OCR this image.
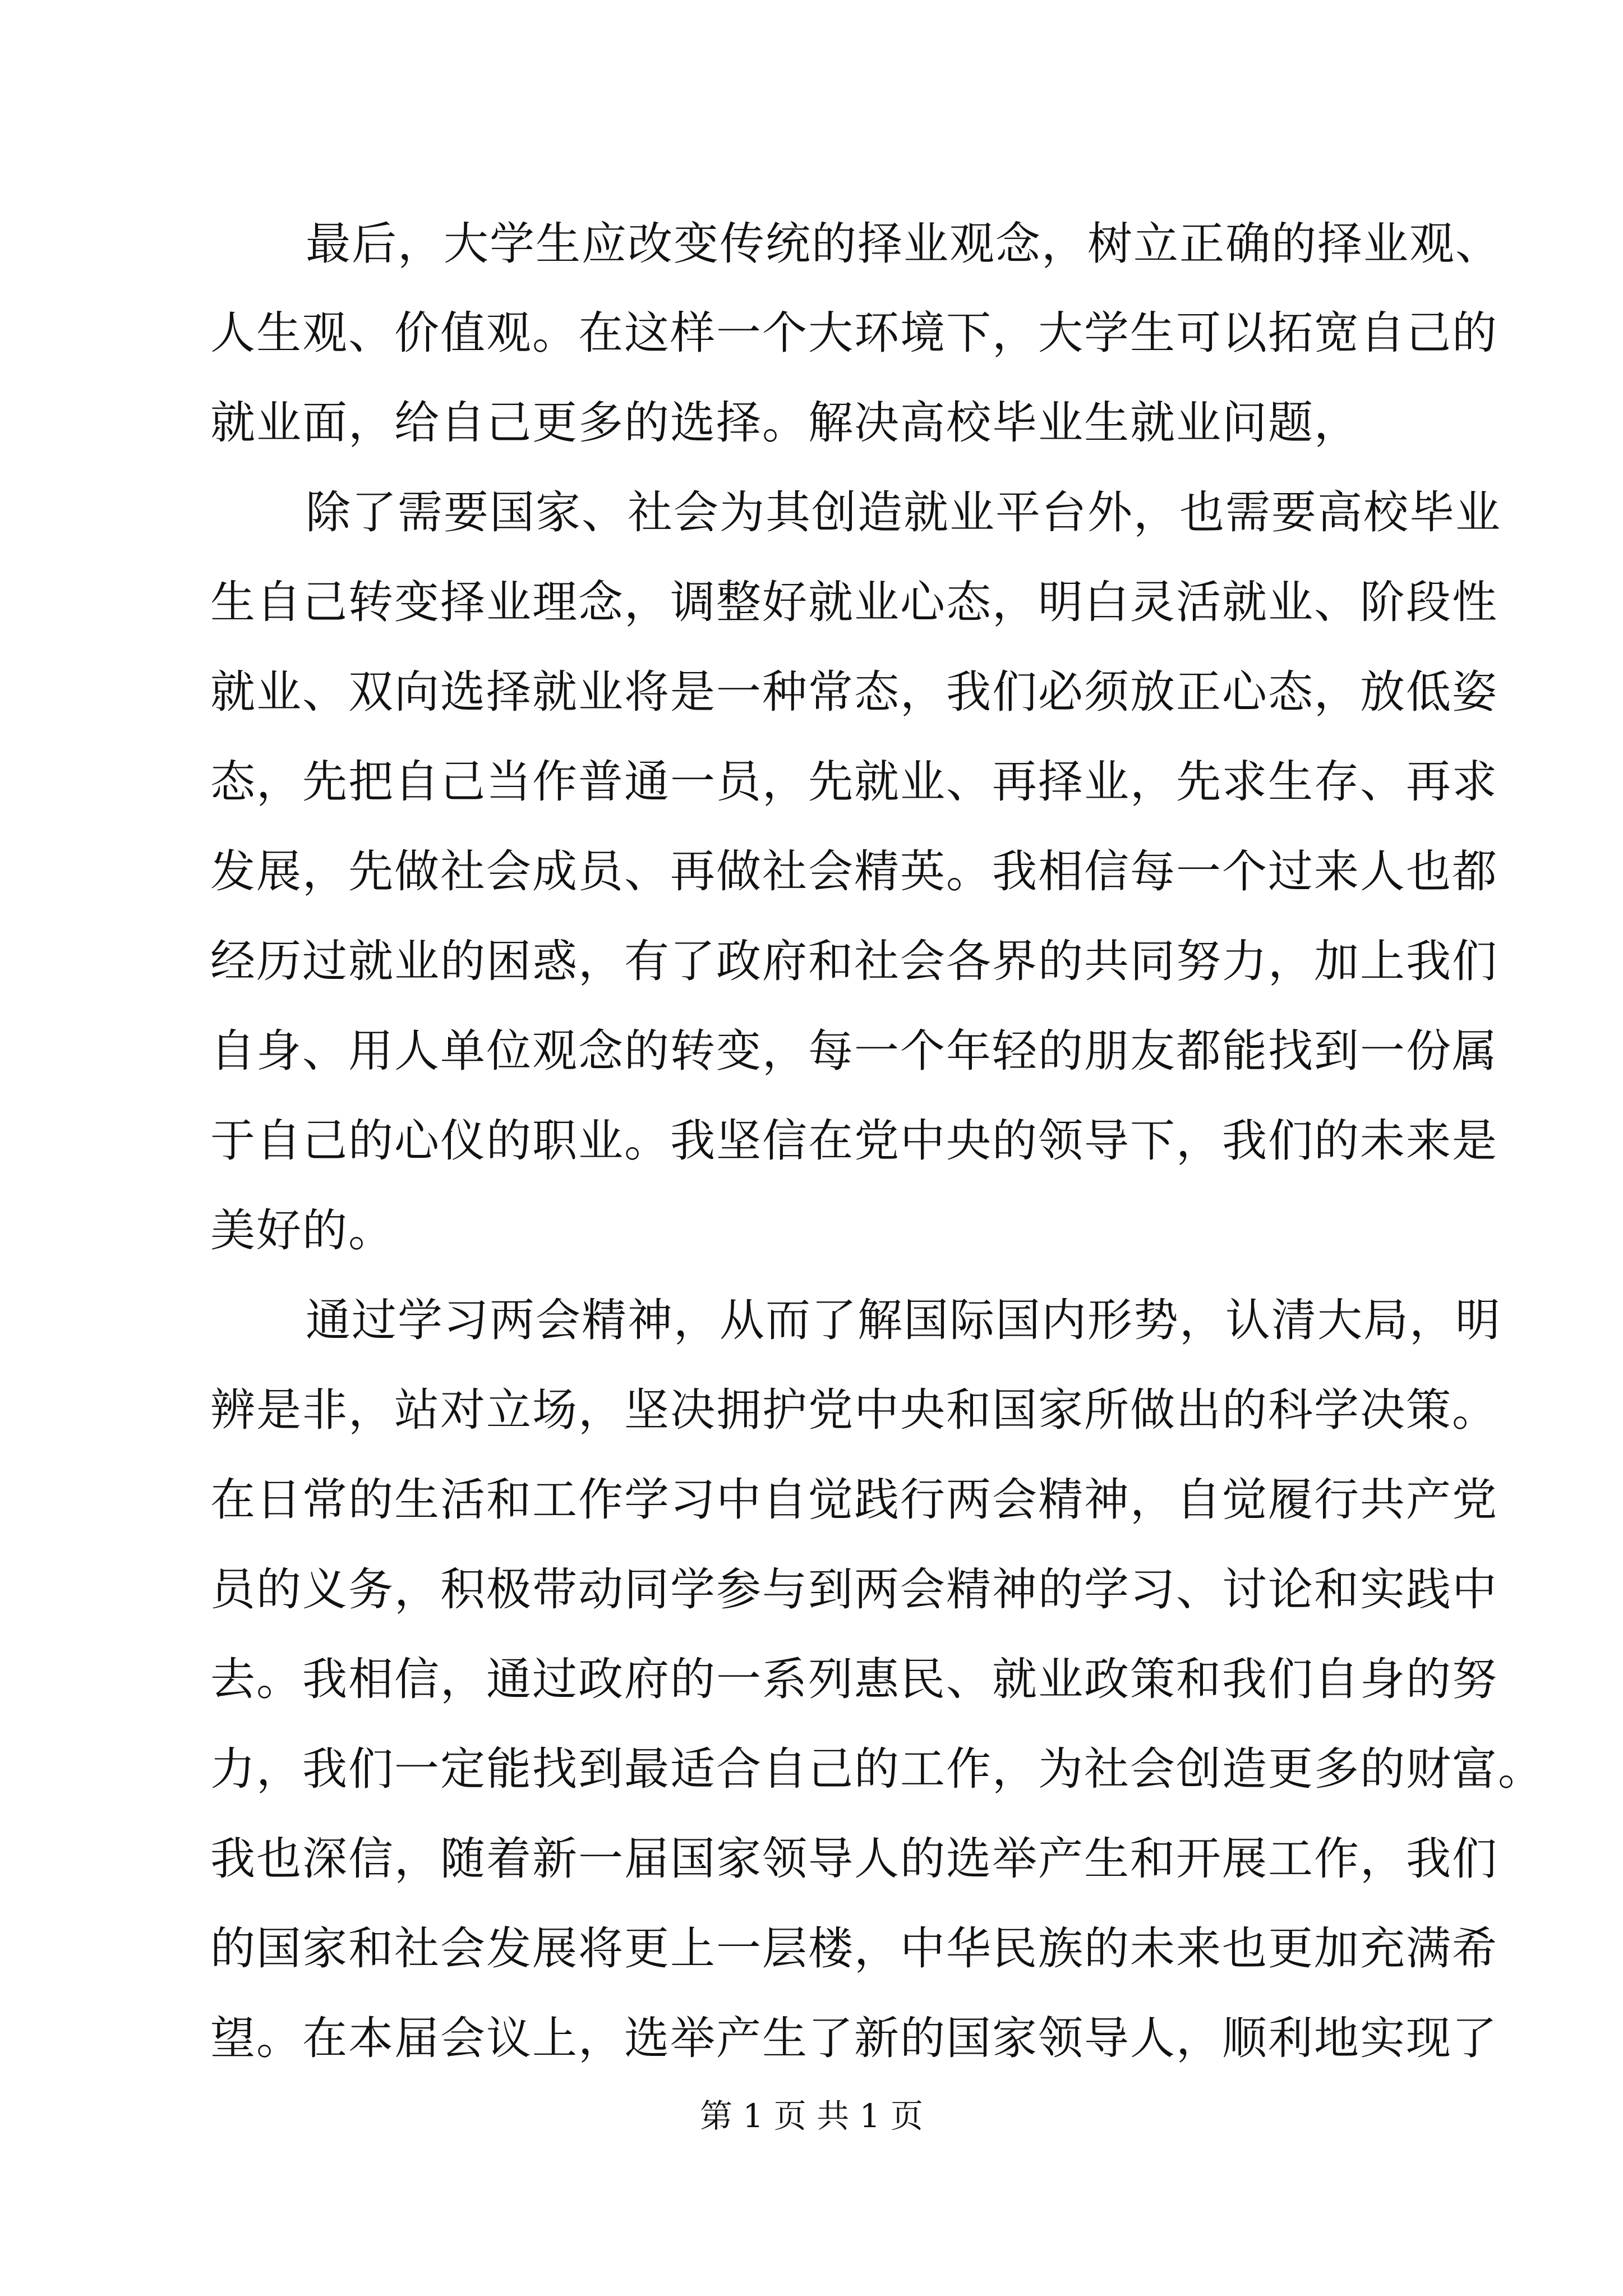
最后，大学生应改变传统的择业观念，树立正确的择业观、
人生观、价值观。在这样一个大环境下，大学生可以拓宽自己的
就业面，给自己更多的选择。解决高校毕业生就业问题，
除了需要国家、社会为其创造就业平台外，也需要高校毕业
生自己转变择业理念，调整好就业心态，明白灵活就业、阶段性
就业、双向选择就业将是一种常态，我们必须放正心态，放低姿
态，先把自己当作普通一员，先就业、再择业，先求生存、再求
发展，先做社会成员、再做社会精英。我相信每一个过来人也都
经历过就业的困惑，有了政府和社会各界的共同努力，加上我们
自身、用人单位观念的转变，每一个年轻的朋友都能找到一份属
于自己的心仪的职业。我坚信在党中央的领导下，我们的未来是
美好的。
通过学习两会精神，从而了解国际国内形势，认清大局，明
辨是非，站对立场，坚决拥护党中央和国家所做出的科学决策。
在日常的生活和工作学习中自觉践行两会精神，自觉履行共产党
员的义务，积极带动同学参与到两会精神的学习、讨论和实践中
去。我相信，通过政府的一系列惠民、就业政策和我们自身的努
力，我们一定能找到最适合自己的工作，为社会创造更多的财富。
我也深信，随着新一届国家领导人的选举产生和开展工作，我们
的国家和社会发展将更上一层楼，中华民族的未来也更加充满希
望。在本届会议上，选举产生了新的国家领导人，顺利地实现了
第 1 页 共 1 页
